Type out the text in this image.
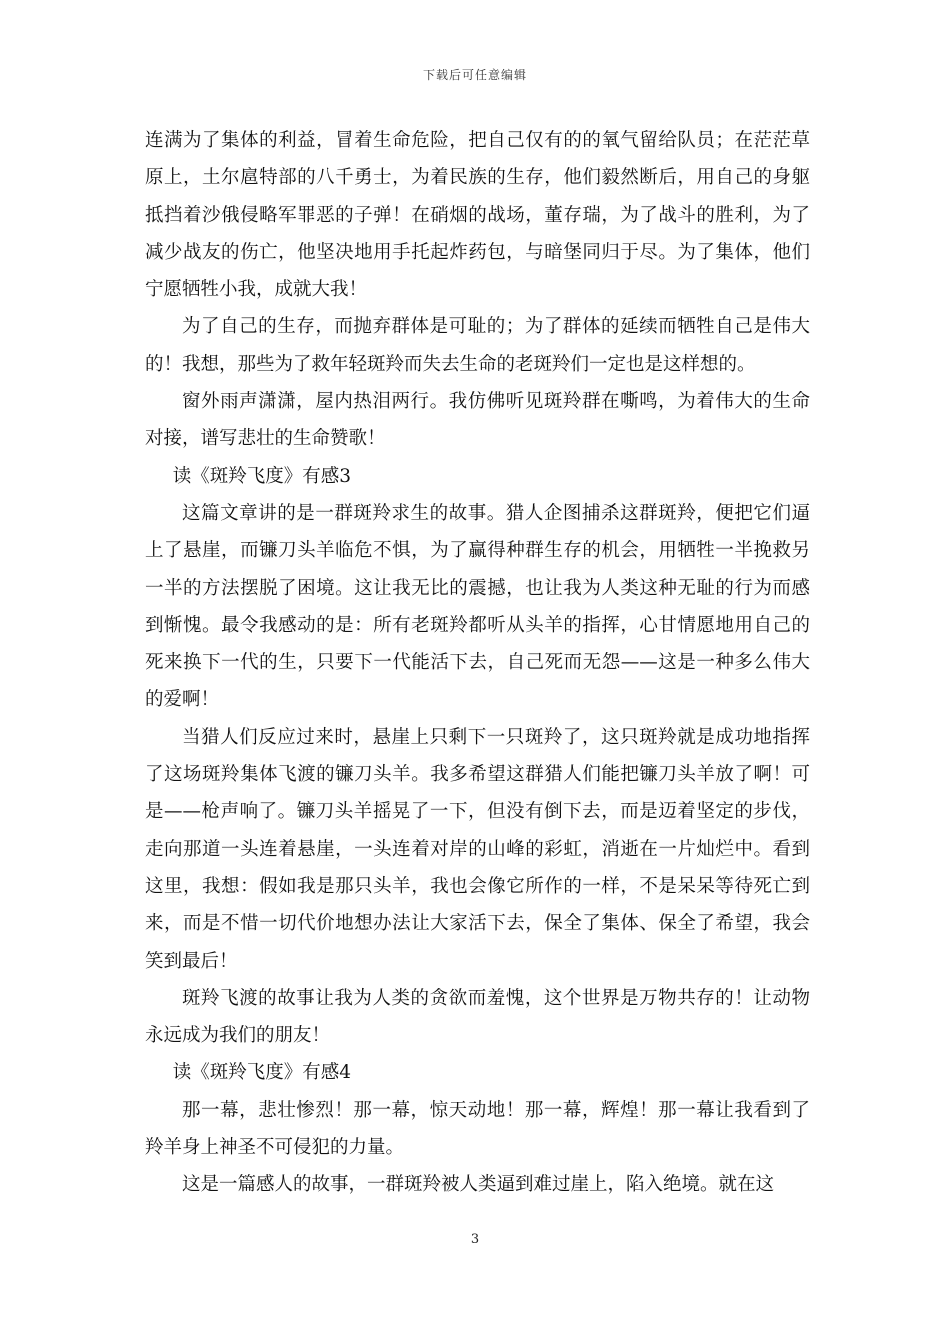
下载后可任意编辑

连满为了集体的利益，冒着生命危险，把自己仅有的的氧气留给队员；在茫茫草原上，土尔扈特部的八千勇士，为着民族的生存，他们毅然断后，用自己的身躯抵挡着沙俄侵略军罪恶的子弹！在硝烟的战场，董存瑞，为了战斗的胜利，为了减少战友的伤亡，他坚决地用手托起炸药包，与暗堡同归于尽。为了集体，他们宁愿牺牲小我，成就大我！

为了自己的生存，而抛弃群体是可耻的；为了群体的延续而牺牲自己是伟大的！我想，那些为了救年轻斑羚而失去生命的老斑羚们一定也是这样想的。

窗外雨声潇潇，屋内热泪两行。我仿佛听见斑羚群在嘶鸣，为着伟大的生命对接，谱写悲壮的生命赞歌！

读《斑羚飞度》有感3

这篇文章讲的是一群斑羚求生的故事。猎人企图捕杀这群斑羚，便把它们逼上了悬崖，而镰刀头羊临危不惧，为了赢得种群生存的机会，用牺牲一半挽救另一半的方法摆脱了困境。这让我无比的震撼，也让我为人类这种无耻的行为而感到惭愧。最令我感动的是：所有老斑羚都听从头羊的指挥，心甘情愿地用自己的死来换下一代的生，只要下一代能活下去，自己死而无怨——这是一种多么伟大的爱啊！

当猎人们反应过来时，悬崖上只剩下一只斑羚了，这只斑羚就是成功地指挥了这场斑羚集体飞渡的镰刀头羊。我多希望这群猎人们能把镰刀头羊放了啊！可是——枪声响了。镰刀头羊摇晃了一下，但没有倒下去，而是迈着坚定的步伐，走向那道一头连着悬崖，一头连着对岸的山峰的彩虹，消逝在一片灿烂中。看到这里，我想：假如我是那只头羊，我也会像它所作的一样，不是呆呆等待死亡到来，而是不惜一切代价地想办法让大家活下去，保全了集体、保全了希望，我会笑到最后！

斑羚飞渡的故事让我为人类的贪欲而羞愧，这个世界是万物共存的！让动物永远成为我们的朋友！

读《斑羚飞度》有感4

那一幕，悲壮惨烈！那一幕，惊天动地！那一幕，辉煌！那一幕让我看到了羚羊身上神圣不可侵犯的力量。

这是一篇感人的故事，一群斑羚被人类逼到难过崖上，陷入绝境。就在这

3
